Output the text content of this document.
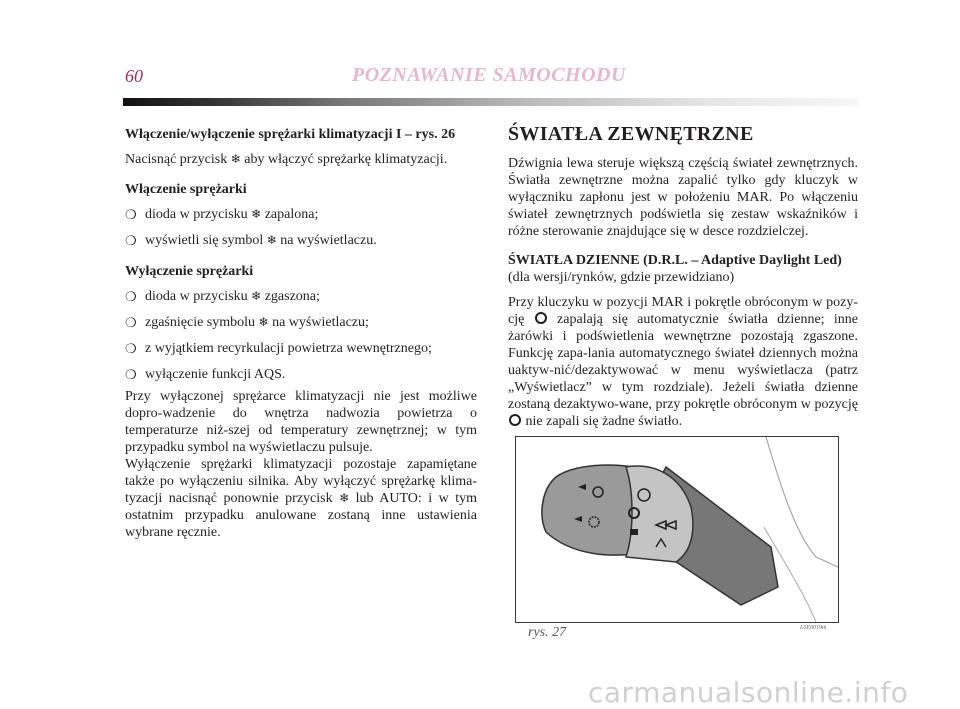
60	POZNAWANIE SAMOCHODU

Włączenie/wyłączenie sprężarki klimatyzacji I – rys. 26

Nacisnąć przycisk ❄ aby włączyć sprężarkę klimatyzacji.

Włączenie sprężarki

❍ dioda w przycisku ❄ zapalona;
❍ wyświetli się symbol ❄ na wyświetlaczu.

Wyłączenie sprężarki

❍ dioda w przycisku ❄ zgaszona;
❍ zgaśnięcie symbolu ❄ na wyświetlaczu;
❍ z wyjątkiem recyrkulacji powietrza wewnętrznego;
❍ wyłączenie funkcji AQS.

Przy wyłączonej sprężarce klimatyzacji nie jest możliwe dopro-wadzenie do wnętrza nadwozia powietrza o temperaturze niż-szej od temperatury zewnętrznej; w tym przypadku symbol na wyświetlaczu pulsuje.

Wyłączenie sprężarki klimatyzacji pozostaje zapamiętane także po wyłączeniu silnika. Aby wyłączyć sprężarkę klima-tyzacji nacisnąć ponownie przycisk ❄ lub AUTO: i w tym ostatnim przypadku anulowane zostaną inne ustawienia wybrane ręcznie.

ŚWIATŁA ZEWNĘTRZNE

Dźwignia lewa steruje większą częścią świateł zewnętrznych. Światła zewnętrzne można zapalić tylko gdy kluczyk w wyłączniku zapłonu jest w położeniu MAR. Po włączeniu świateł zewnętrznych podświetla się zestaw wskaźników i różne sterowanie znajdujące się w desce rozdzielczej.

ŚWIATŁA DZIENNE (D.R.L. – Adaptive Daylight Led) (dla wersji/rynków, gdzie przewidziano)

Przy kluczyku w pozycji MAR i pokrętle obróconym w pozy-cję zapalają się automatycznie światła dzienne; inne żarówki i podświetlenia wewnętrzne pozostają zgaszone. Funkcję zapa-lania automatycznego świateł dziennych można uaktyw-nić/dezaktywować w menu wyświetlacza (patrz „Wyświetlacz” w tym rozdziale). Jeżeli światła dzienne zostaną dezaktywo-wane, przy pokrętle obróconym w pozycję  nie zapali się żadne światło.

rys. 27	L0E0019m
carmanualsonline.info
